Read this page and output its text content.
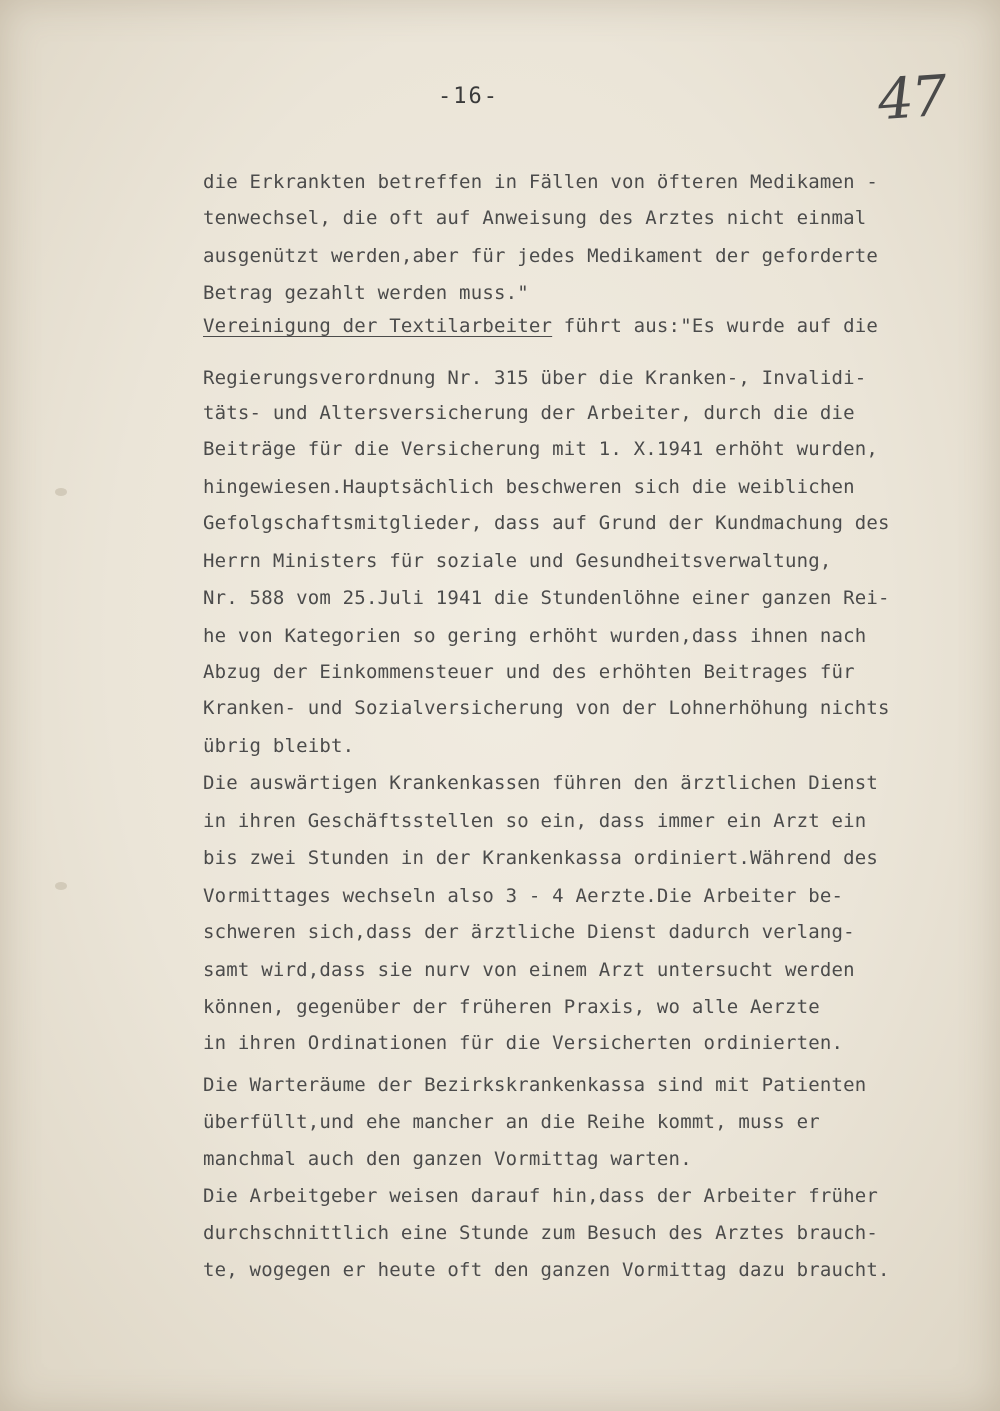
-16-	47
die Erkrankten betreffen in Fällen von öfteren Medikamen -
tenwechsel, die oft auf Anweisung des Arztes nicht einmal
ausgenützt werden,aber für jedes Medikament der geforderte
Betrag gezahlt werden muss."
Vereinigung der Textilarbeiter führt aus:"Es wurde auf die
Regierungsverordnung Nr. 315 über die Kranken-, Invalidi-
täts- und Altersversicherung der Arbeiter, durch die die
Beiträge für die Versicherung mit 1. X.1941 erhöht wurden,
hingewiesen.Hauptsächlich beschweren sich die weiblichen
Gefolgschaftsmitglieder, dass auf Grund der Kundmachung des
Herrn Ministers für soziale und Gesundheitsverwaltung,
Nr. 588 vom 25.Juli 1941 die Stundenlöhne einer ganzen Rei-
he von Kategorien so gering erhöht wurden,dass ihnen nach
Abzug der Einkommensteuer und des erhöhten Beitrages für
Kranken- und Sozialversicherung von der Lohnerhöhung nichts
übrig bleibt.
Die auswärtigen Krankenkassen führen den ärztlichen Dienst
in ihren Geschäftsstellen so ein, dass immer ein Arzt ein
bis zwei Stunden in der Krankenkassa ordiniert.Während des
Vormittages wechseln also 3 - 4 Aerzte.Die Arbeiter be-
schweren sich,dass der ärztliche Dienst dadurch verlang-
samt wird,dass sie nurv von einem Arzt untersucht werden
können, gegenüber der früheren Praxis, wo alle Aerzte
in ihren Ordinationen für die Versicherten ordinierten.
Die Warteräume der Bezirkskrankenkassa sind mit Patienten
überfüllt,und ehe mancher an die Reihe kommt, muss er
manchmal auch den ganzen Vormittag warten.
Die Arbeitgeber weisen darauf hin,dass der Arbeiter früher
durchschnittlich eine Stunde zum Besuch des Arztes brauch-
te, wogegen er heute oft den ganzen Vormittag dazu braucht.
